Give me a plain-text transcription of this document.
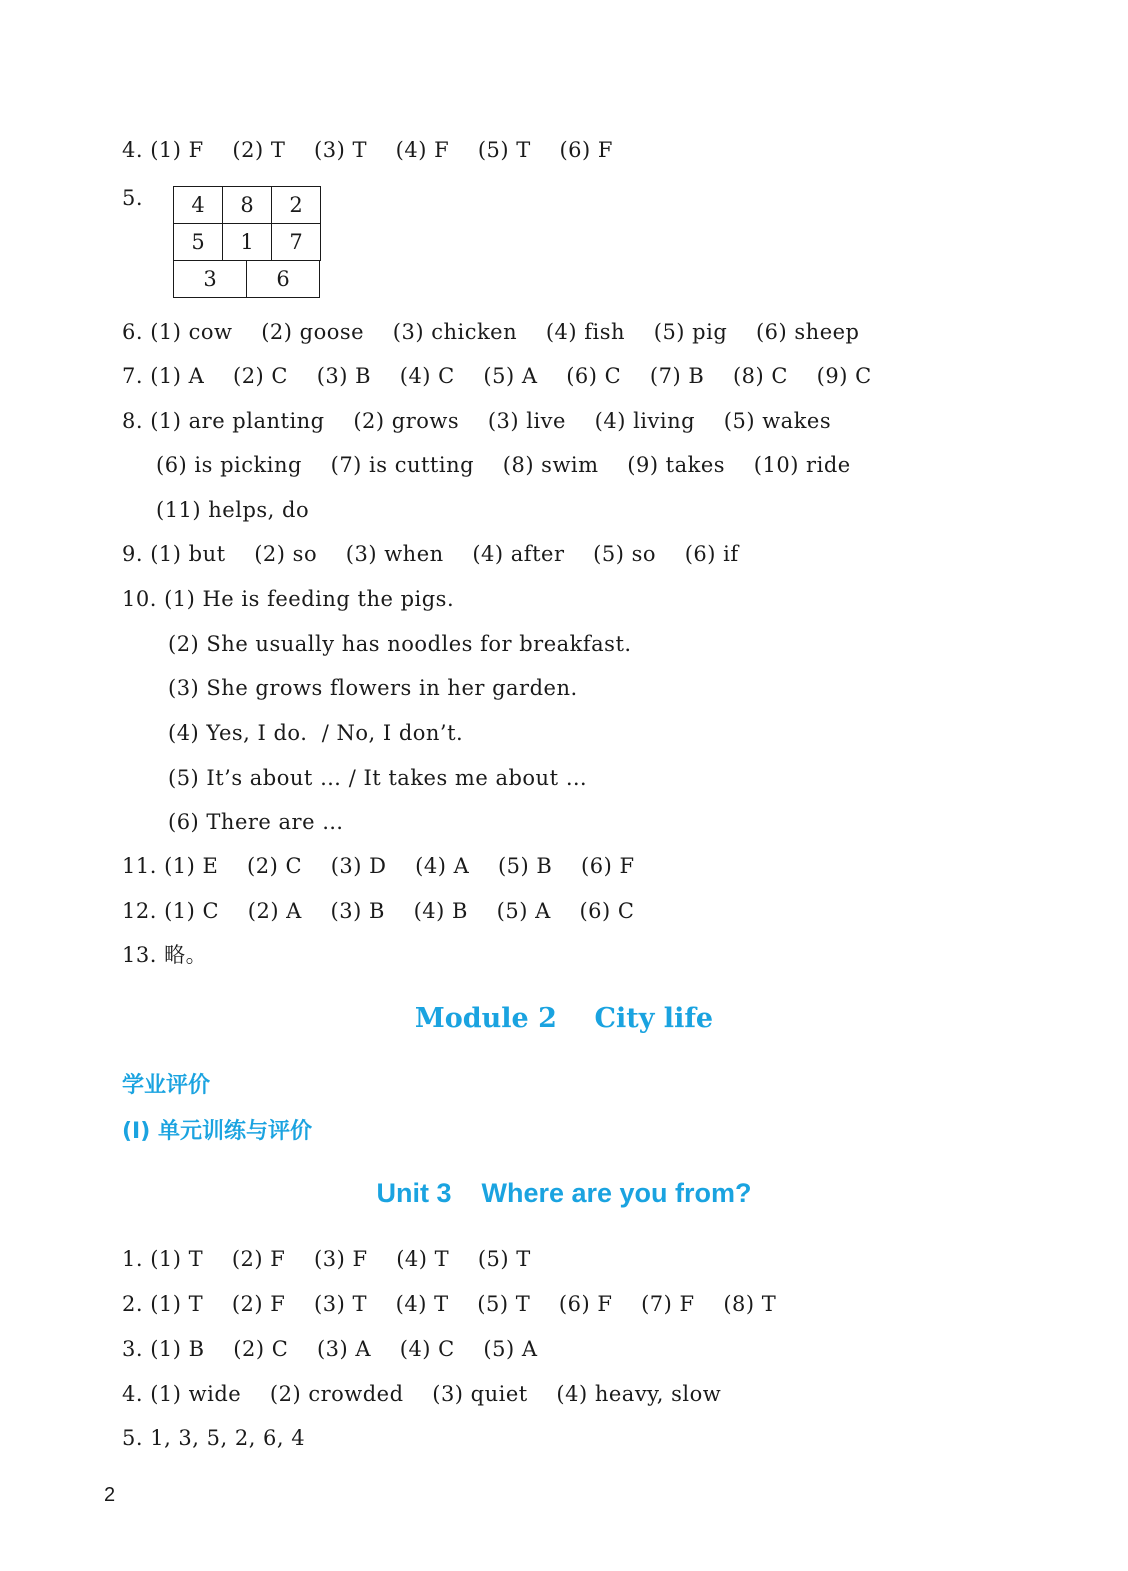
4. (1) F    (2) T    (3) T    (4) F    (5) T    (6) F

5. 4	8	2
5	1	7
3	6

6. (1) cow    (2) goose    (3) chicken    (4) fish    (5) pig    (6) sheep

7. (1) A    (2) C    (3) B    (4) C    (5) A    (6) C    (7) B    (8) C    (9) C

8. (1) are planting    (2) grows    (3) live    (4) living    (5) wakes

(6) is picking    (7) is cutting    (8) swim    (9) takes    (10) ride

(11) helps, do

9. (1) but    (2) so    (3) when    (4) after    (5) so    (6) if

10. (1) He is feeding the pigs.

(2) She usually has noodles for breakfast.

(3) She grows flowers in her garden.

(4) Yes, I do.  / No, I don’t.

(5) It’s about … / It takes me about …

(6) There are …

11. (1) E    (2) C    (3) D    (4) A    (5) B    (6) F

12. (1) C    (2) A    (3) B    (4) B    (5) A    (6) C

13. 略。

Module 2    City life
学业评价
(Ⅰ) 单元训练与评价
Unit 3    Where are you from?

1. (1) T    (2) F    (3) F    (4) T    (5) T

2. (1) T    (2) F    (3) T    (4) T    (5) T    (6) F    (7) F    (8) T

3. (1) B    (2) C    (3) A    (4) C    (5) A

4. (1) wide    (2) crowded    (3) quiet    (4) heavy, slow

5. 1, 3, 5, 2, 6, 4

2
